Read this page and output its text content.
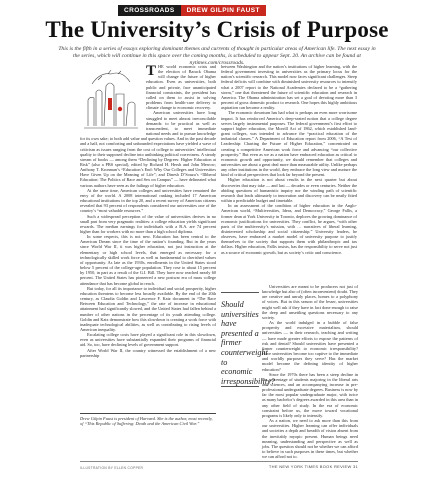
CROSSROADS	DREW GILPIN FAUST
The University’s Crisis of Purpose

This is the fifth in a series of essays exploring dominant themes and currents of thought in particular areas of American life. The next essay in the series, which will continue in this space over the coming months, is scheduled to appear Sept. 20. An archive can be found at nytimes.com/crossroads.

THE world economic crisis and the election of Barack Obama will change the future of higher education. Even as universities, both public and private, face unanticipated financial constraints, the president has called on them to assist in solving problems from health-care delivery to climate change to economic recovery.

American universities have long struggled to meet almost irreconcilable demands: to be practical as well as transcendent, to meet immediate national needs and to pursue knowledge for its own sake; to both add value and question values. And in the past decade and a half, not comforting and unbounded expectations have yielded a wave of criticism as issues ranging from the cost of college to universities’ intellectual quality to their supposed decline into unthinking political correctness. A steady stream of books — among them “Declining by Degrees: Higher Education at Risk” (also a PBS special), edited by Richard H. Hersh and John Merrow; Anthony T. Kronman’s “Education’s End: Why Our Colleges and Universities Have Given Up on the Meaning of Life”; and Dinesh D’Souza’s “Illiberal Education: The Politics of Race and Sex on Campus” — have delineated what various authors have seen as the failings of higher education.

At the same time, American colleges and universities have remained the envy of the world. A 2008 international ranking included 17 American educational institutions in the top 20, and a recent survey of American citizens revealed that 93 percent of respondents considered our universities one of the country’s “most valuable resources.”

Such a widespread perception of the value of universities derives in no small part from very pragmatic realities: a college education yields significant rewards. The median earnings for individuals with a B.A. are 74 percent higher than for workers with no more than a high school diploma.

In some respects, this is not new. Education has been central to the American Dream since the time of the nation’s founding. But in the years since World War II, it was higher education, not just instruction at the elementary or high school levels, that emerged as necessary for a technologically skilled work force as well as fundamental to cherished values of opportunity. As late as the 1930s, enrollments in the United States stood below 5 percent of the college-age population. They rose to about 15 percent by 1950, in part as a result of the G.I. Bill. They have now reached nearly 60 percent. The United States has pioneered a new postwar era of mass college attendance that has become global in reach.

But today, for all its importance to individual and social prosperity, higher education threatens to become less broadly available. By the end of the 20th century, as Claudia Goldin and Lawrence F. Katz document in “The Race Between Education and Technology,” the rate of increase in educational attainment had significantly slowed, and the United States had fallen behind a number of other nations in the percentage of its youth attending college. Goldin and Katz demonstrate how this slowdown is creating a work force with inadequate technological abilities, as well as contributing to rising levels of American inequality.

Escalating college costs have played a significant role in this slowdown, even as universities have substantially expanded their programs of financial aid. So, too, have declining levels of government support.

After World War II, the country witnessed the establishment of a new partnership

between Washington and the nation’s institutions of higher learning, with the federal government investing in universities as the primary locus for the nation’s scientific research. This model now faces significant challenges. Steep federal deficits will combine with diminished university resources to intensify what a 2007 report to the National Academies declared to be a “gathering storm,” one that threatened the future of scientific education and research in America. The Obama administration has set a goal of devoting more than 3 percent of gross domestic product to research. One hopes this highly ambitious aspiration can become a reality.

The economic downturn has had what is perhaps an even more worrisome impact. It has reinforced America’s deep-seated notion that a college degree serves largely instrumental purposes. The federal government’s first effort to support higher education, the Morrill Act of 1862, which established land-grant colleges, was intended to advance the “practical education of the industrial classes.” A Department of Education report from 2006, “A Test of Leadership: Charting the Future of Higher Education,” concentrated on creating a competitive American work force and advancing “our collective prosperity.” But even as we as a nation have embraced education as critical to economic growth and opportunity, we should remember that colleges and universities are about a great deal more than measurable utility. Unlike perhaps any other institutions in the world, they embrace the long view and nurture the kind of critical perspectives that look far beyond the present.

Higher education is not about results in the next quarter but about discoveries that may take — and last — decades or even centuries. Neither the abiding questions of humanistic inquiry nor the winding path of scientific research that leads ultimately to innovation and discovery can be neatly fitted within a predictable budget and timetable.

In an assessment of the condition of higher education in the Anglo-American world, “Multiversities, Ideas, and Democracy,” George Fallis, a former dean at York University in Toronto, deplores the growing dominance of economic justifications for universities. They conflict, he argues, “with other parts of the multiversity’s mission, with … narratives of liberal learning, disinterested scholarship and social citizenship.” University leaders, he observes, have embraced a market model of university purpose to justify themselves to the society that supports them with philanthropic and tax dollars. Higher education, Fallis insists, has the responsibility to serve not just as a source of economic growth, but as society’s critic and conscience.

Should universities have presented a firmer counterweight to economic irresponsibility?

Universities are meant to be producers not just of knowledge but also of (often inconvenient) doubt. They are creative and unruly places, homes to a polyphony of voices. But in this season of the lesser, universities might well ask if they have in fact done enough to raise the deep and unsettling questions necessary to any society.

As the world indulged in a bubble of false prosperity and excessive materialism, should universities — in their research, teaching and writing — have made greater efforts to expose the patterns of risk and denial? Should universities have presented a firmer counterweight to economic irresponsibility? Have universities become too captive to the immediate and worldly purposes they serve? Has the market model become the defining identity of higher education?

Since the 1970s there has been a steep decline in the percentage of students majoring in the liberal arts and sciences, and an accompanying increase in pre-professional undergraduate degrees. Business is now by far the most popular undergraduate major, with twice as many bachelor’s degrees awarded in this area than in any other field of study. In the era of economic constraint before us, the move toward vocational programs is likely only to intensify.

As a nation, we need to ask more than this from our universities. Higher learning can offer individuals and societies a depth and breadth of vision absent from the inevitably myopic present. Human beings need meaning, understanding and perspective as well as jobs. The question should not be whether we can afford to believe in such purposes in these times, but whether we can afford not to.

Drew Gilpin Faust is president of Harvard. She is the author, most recently, of “This Republic of Suffering: Death and the American Civil War.”

ILLUSTRATION BY ELLEN COPPER	THE NEW YORK TIMES BOOK REVIEW 31
